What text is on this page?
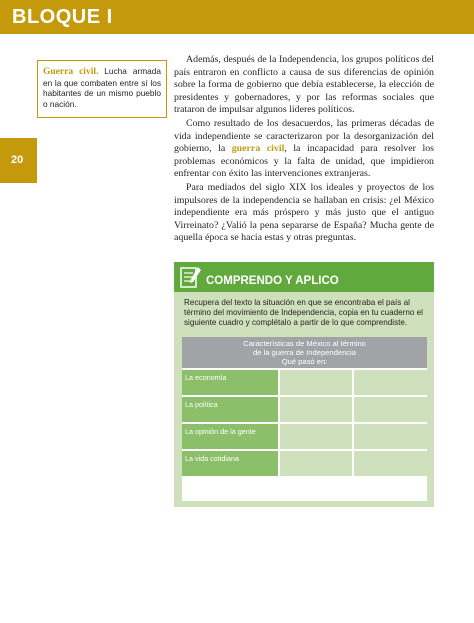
BLOQUE I
20
Guerra civil. Lucha armada en la que combaten entre sí los habitantes de un mismo pueblo o nación.

Además, después de la Independencia, los grupos políticos del país entraron en conflicto a causa de sus diferencias de opinión sobre la forma de gobierno que debía establecerse, la elección de presidentes y gobernadores, y por las reformas sociales que trataron de impulsar algunos líderes políticos.

Como resultado de los desacuerdos, las primeras décadas de vida independiente se caracterizaron por la desorganización del gobierno, la guerra civil, la incapacidad para resolver los problemas económicos y la falta de unidad, que impidieron enfrentar con éxito las intervenciones extranjeras.

Para mediados del siglo XIX los ideales y proyectos de los impulsores de la independencia se hallaban en crisis: ¿el México independiente era más próspero y más justo que el antiguo Virreinato? ¿Valió la pena separarse de España? Mucha gente de aquella época se hacía estas y otras preguntas.

COMPRENDO Y APLICO
Recupera del texto la situación en que se encontraba el país al término del movimiento de Independencia, copia en tu cuaderno el siguiente cuadro y complétalo a partir de lo que comprendiste.
Características de México al término
de la guerra de Independencia
Qué pasó en:
La economía
La política
La opinión de la gente
La vida cotidiana
